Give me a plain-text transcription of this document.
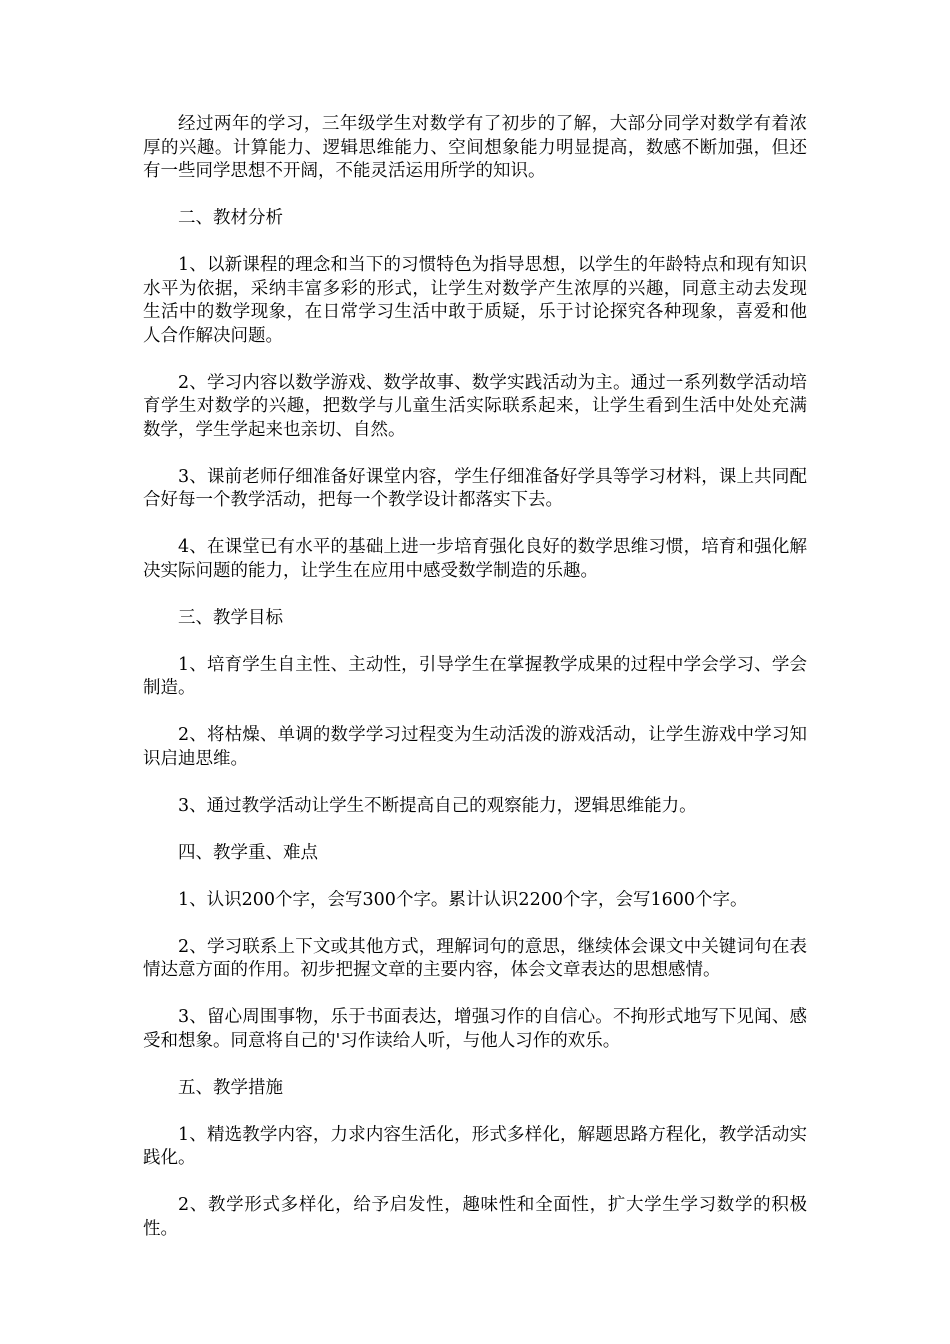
经过两年的学习，三年级学生对数学有了初步的了解，大部分同学对数学有着浓厚的兴趣。计算能力、逻辑思维能力、空间想象能力明显提高，数感不断加强，但还有一些同学思想不开阔，不能灵活运用所学的知识。

二、教材分析

1、以新课程的理念和当下的习惯特色为指导思想，以学生的年龄特点和现有知识水平为依据，采纳丰富多彩的形式，让学生对数学产生浓厚的兴趣，同意主动去发现生活中的数学现象，在日常学习生活中敢于质疑，乐于讨论探究各种现象，喜爱和他人合作解决问题。

2、学习内容以数学游戏、数学故事、数学实践活动为主。通过一系列数学活动培育学生对数学的兴趣，把数学与儿童生活实际联系起来，让学生看到生活中处处充满数学，学生学起来也亲切、自然。

3、课前老师仔细准备好课堂内容，学生仔细准备好学具等学习材料，课上共同配合好每一个教学活动，把每一个教学设计都落实下去。

4、在课堂已有水平的基础上进一步培育强化良好的数学思维习惯，培育和强化解决实际问题的能力，让学生在应用中感受数学制造的乐趣。

三、教学目标

1、培育学生自主性、主动性，引导学生在掌握教学成果的过程中学会学习、学会制造。

2、将枯燥、单调的数学学习过程变为生动活泼的游戏活动，让学生游戏中学习知识启迪思维。

3、通过教学活动让学生不断提高自己的观察能力，逻辑思维能力。

四、教学重、难点

1、认识200个字，会写300个字。累计认识2200个字，会写1600个字。

2、学习联系上下文或其他方式，理解词句的意思，继续体会课文中关键词句在表情达意方面的作用。初步把握文章的主要内容，体会文章表达的思想感情。

3、留心周围事物，乐于书面表达，增强习作的自信心。不拘形式地写下见闻、感受和想象。同意将自己的'习作读给人听，与他人习作的欢乐。

五、教学措施

1、精选教学内容，力求内容生活化，形式多样化，解题思路方程化，教学活动实践化。

2、教学形式多样化，给予启发性，趣味性和全面性，扩大学生学习数学的积极性。
